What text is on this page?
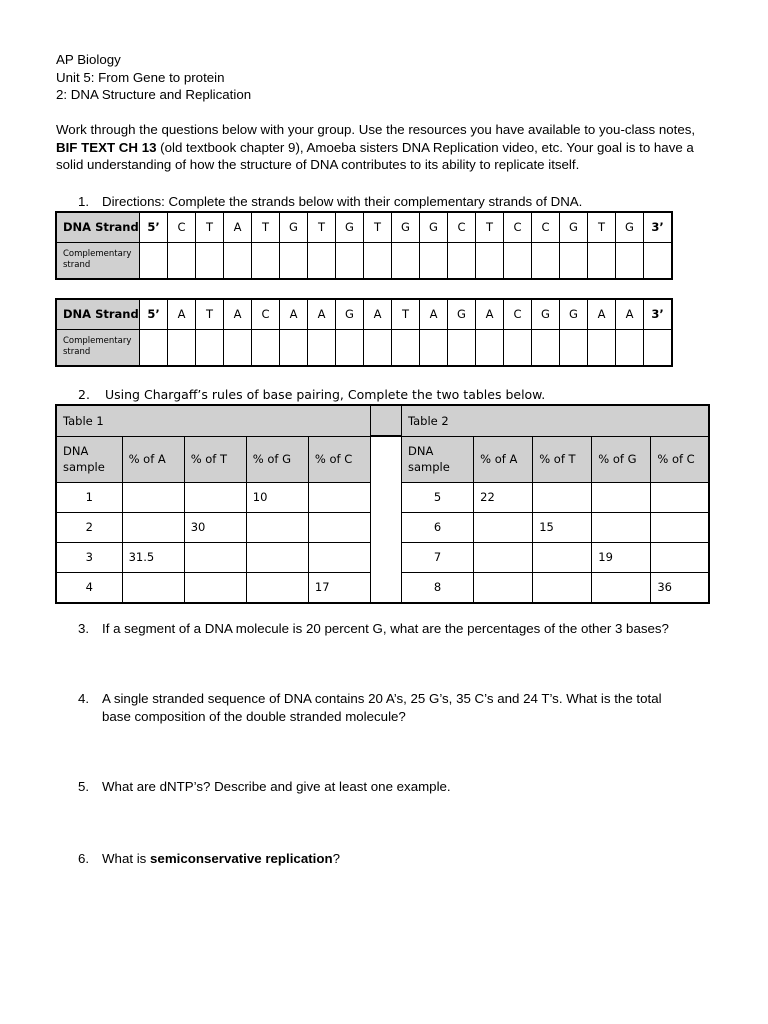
AP Biology
Unit 5: From Gene to protein
2: DNA Structure and Replication
Work through the questions below with your group. Use the resources you have available to you-class notes, BIF TEXT CH 13 (old textbook chapter 9), Amoeba sisters DNA Replication video, etc. Your goal is to have a solid understanding of how the structure of DNA contributes to its ability to replicate itself.
1. Directions: Complete the strands below with their complementary strands of DNA.
DNA Strand	5’	C	T	A	T	G	T	G	T	G	G	C	T	C	C	G	T	G	3’
Complementary strand																			
DNA Strand	5’	A	T	A	C	A	A	G	A	T	A	G	A	C	G	G	A	A	3’
Complementary strand																			
2. Using Chargaff’s rules of base pairing, Complete the two tables below.
Table 1						Table 2				
DNA sample	% of A	% of T	% of G	% of C		DNA sample	% of A	% of T	% of G	% of C
1			10			5	22			
2		30				6		15		
3	31.5					7			19	
4				17		8				36
3. If a segment of a DNA molecule is 20 percent G, what are the percentages of the other 3 bases?
4. A single stranded sequence of DNA contains 20 A’s, 25 G’s, 35 C’s and 24 T’s. What is the total
base composition of the double stranded molecule?
5. What are dNTP’s? Describe and give at least one example.
6. What is semiconservative replication?
